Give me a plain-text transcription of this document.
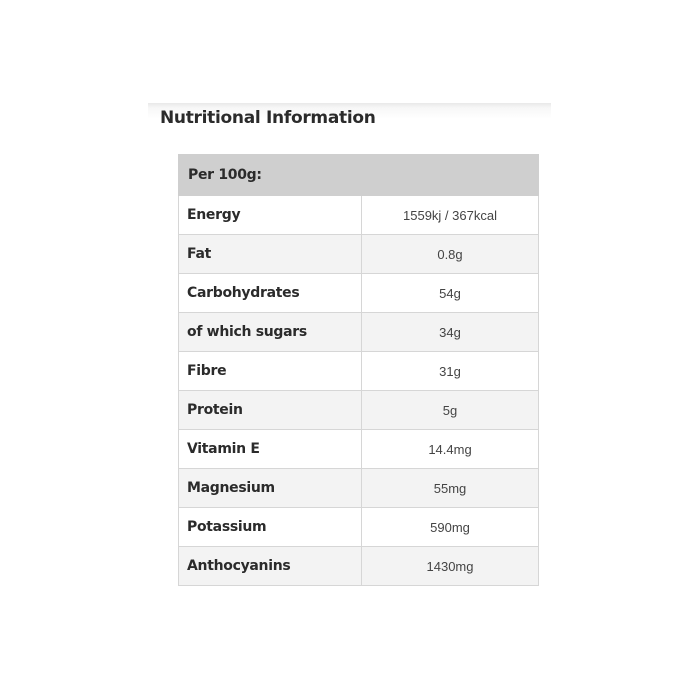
Nutritional Information
Per 100g:	
Energy	1559kj / 367kcal
Fat	0.8g
Carbohydrates	54g
of which sugars	34g
Fibre	31g
Protein	5g
Vitamin E	14.4mg
Magnesium	55mg
Potassium	590mg
Anthocyanins	1430mg
